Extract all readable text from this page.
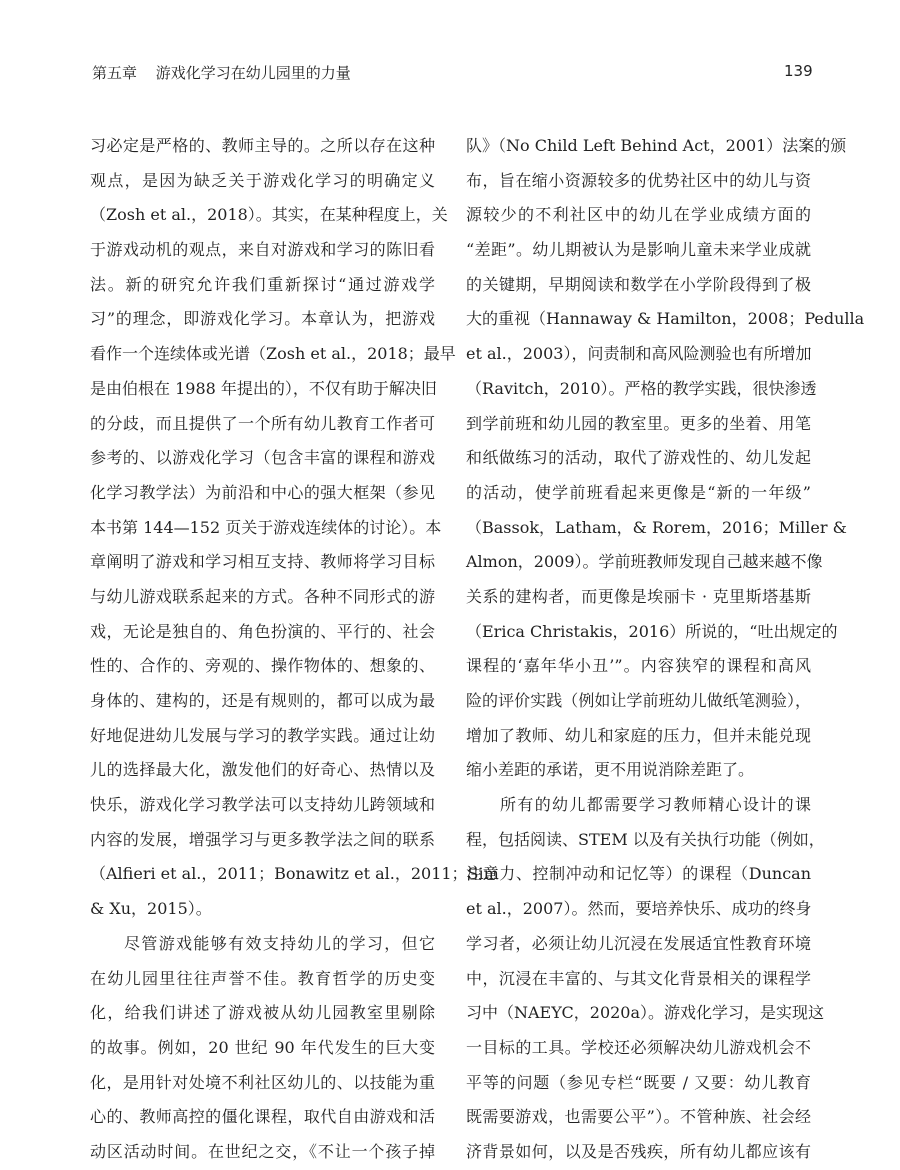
第五章 游戏化学习在幼儿园里的力量	139
习必定是严格的、教师主导的。之所以存在这种
观点，是因为缺乏关于游戏化学习的明确定义
（Zosh et al.，2018）。其实，在某种程度上，关
于游戏动机的观点，来自对游戏和学习的陈旧看
法。新的研究允许我们重新探讨“通过游戏学
习”的理念，即游戏化学习。本章认为，把游戏
看作一个连续体或光谱（Zosh et al.，2018；最早
是由伯根在 1988 年提出的），不仅有助于解决旧
的分歧，而且提供了一个所有幼儿教育工作者可
参考的、以游戏化学习（包含丰富的课程和游戏
化学习教学法）为前沿和中心的强大框架（参见
本书第 144—152 页关于游戏连续体的讨论）。本
章阐明了游戏和学习相互支持、教师将学习目标
与幼儿游戏联系起来的方式。各种不同形式的游
戏，无论是独自的、角色扮演的、平行的、社会
性的、合作的、旁观的、操作物体的、想象的、
身体的、建构的，还是有规则的，都可以成为最
好地促进幼儿发展与学习的教学实践。通过让幼
儿的选择最大化，激发他们的好奇心、热情以及
快乐，游戏化学习教学法可以支持幼儿跨领域和
内容的发展，增强学习与更多教学法之间的联系
（Alfieri et al.，2011；Bonawitz et al.，2011；Sim
& Xu，2015）。
尽管游戏能够有效支持幼儿的学习，但它
在幼儿园里往往声誉不佳。教育哲学的历史变
化，给我们讲述了游戏被从幼儿园教室里剔除
的故事。例如，20 世纪 90 年代发生的巨大变
化，是用针对处境不利社区幼儿的、以技能为重
心的、教师高控的僵化课程，取代自由游戏和活
动区活动时间。在世纪之交，《不让一个孩子掉
队》（No Child Left Behind Act，2001）法案的颁
布，旨在缩小资源较多的优势社区中的幼儿与资
源较少的不利社区中的幼儿在学业成绩方面的
“差距”。幼儿期被认为是影响儿童未来学业成就
的关键期，早期阅读和数学在小学阶段得到了极
大的重视（Hannaway & Hamilton，2008；Pedulla
et al.，2003），问责制和高风险测验也有所增加
（Ravitch，2010）。严格的教学实践，很快渗透
到学前班和幼儿园的教室里。更多的坐着、用笔
和纸做练习的活动，取代了游戏性的、幼儿发起
的活动，使学前班看起来更像是“新的一年级”
（Bassok，Latham，& Rorem，2016；Miller &
Almon，2009）。学前班教师发现自己越来越不像
关系的建构者，而更像是埃丽卡 · 克里斯塔基斯
（Erica Christakis，2016）所说的，“吐出规定的
课程的‘嘉年华小丑’”。内容狭窄的课程和高风
险的评价实践（例如让学前班幼儿做纸笔测验），
增加了教师、幼儿和家庭的压力，但并未能兑现
缩小差距的承诺，更不用说消除差距了。
所有的幼儿都需要学习教师精心设计的课
程，包括阅读、STEM 以及有关执行功能（例如，
注意力、控制冲动和记忆等）的课程（Duncan
et al.，2007）。然而，要培养快乐、成功的终身
学习者，必须让幼儿沉浸在发展适宜性教育环境
中，沉浸在丰富的、与其文化背景相关的课程学
习中（NAEYC，2020a）。游戏化学习，是实现这
一目标的工具。学校还必须解决幼儿游戏机会不
平等的问题（参见专栏“既要 / 又要：幼儿教育
既需要游戏，也需要公平”）。不管种族、社会经
济背景如何，以及是否残疾，所有幼儿都应该有
